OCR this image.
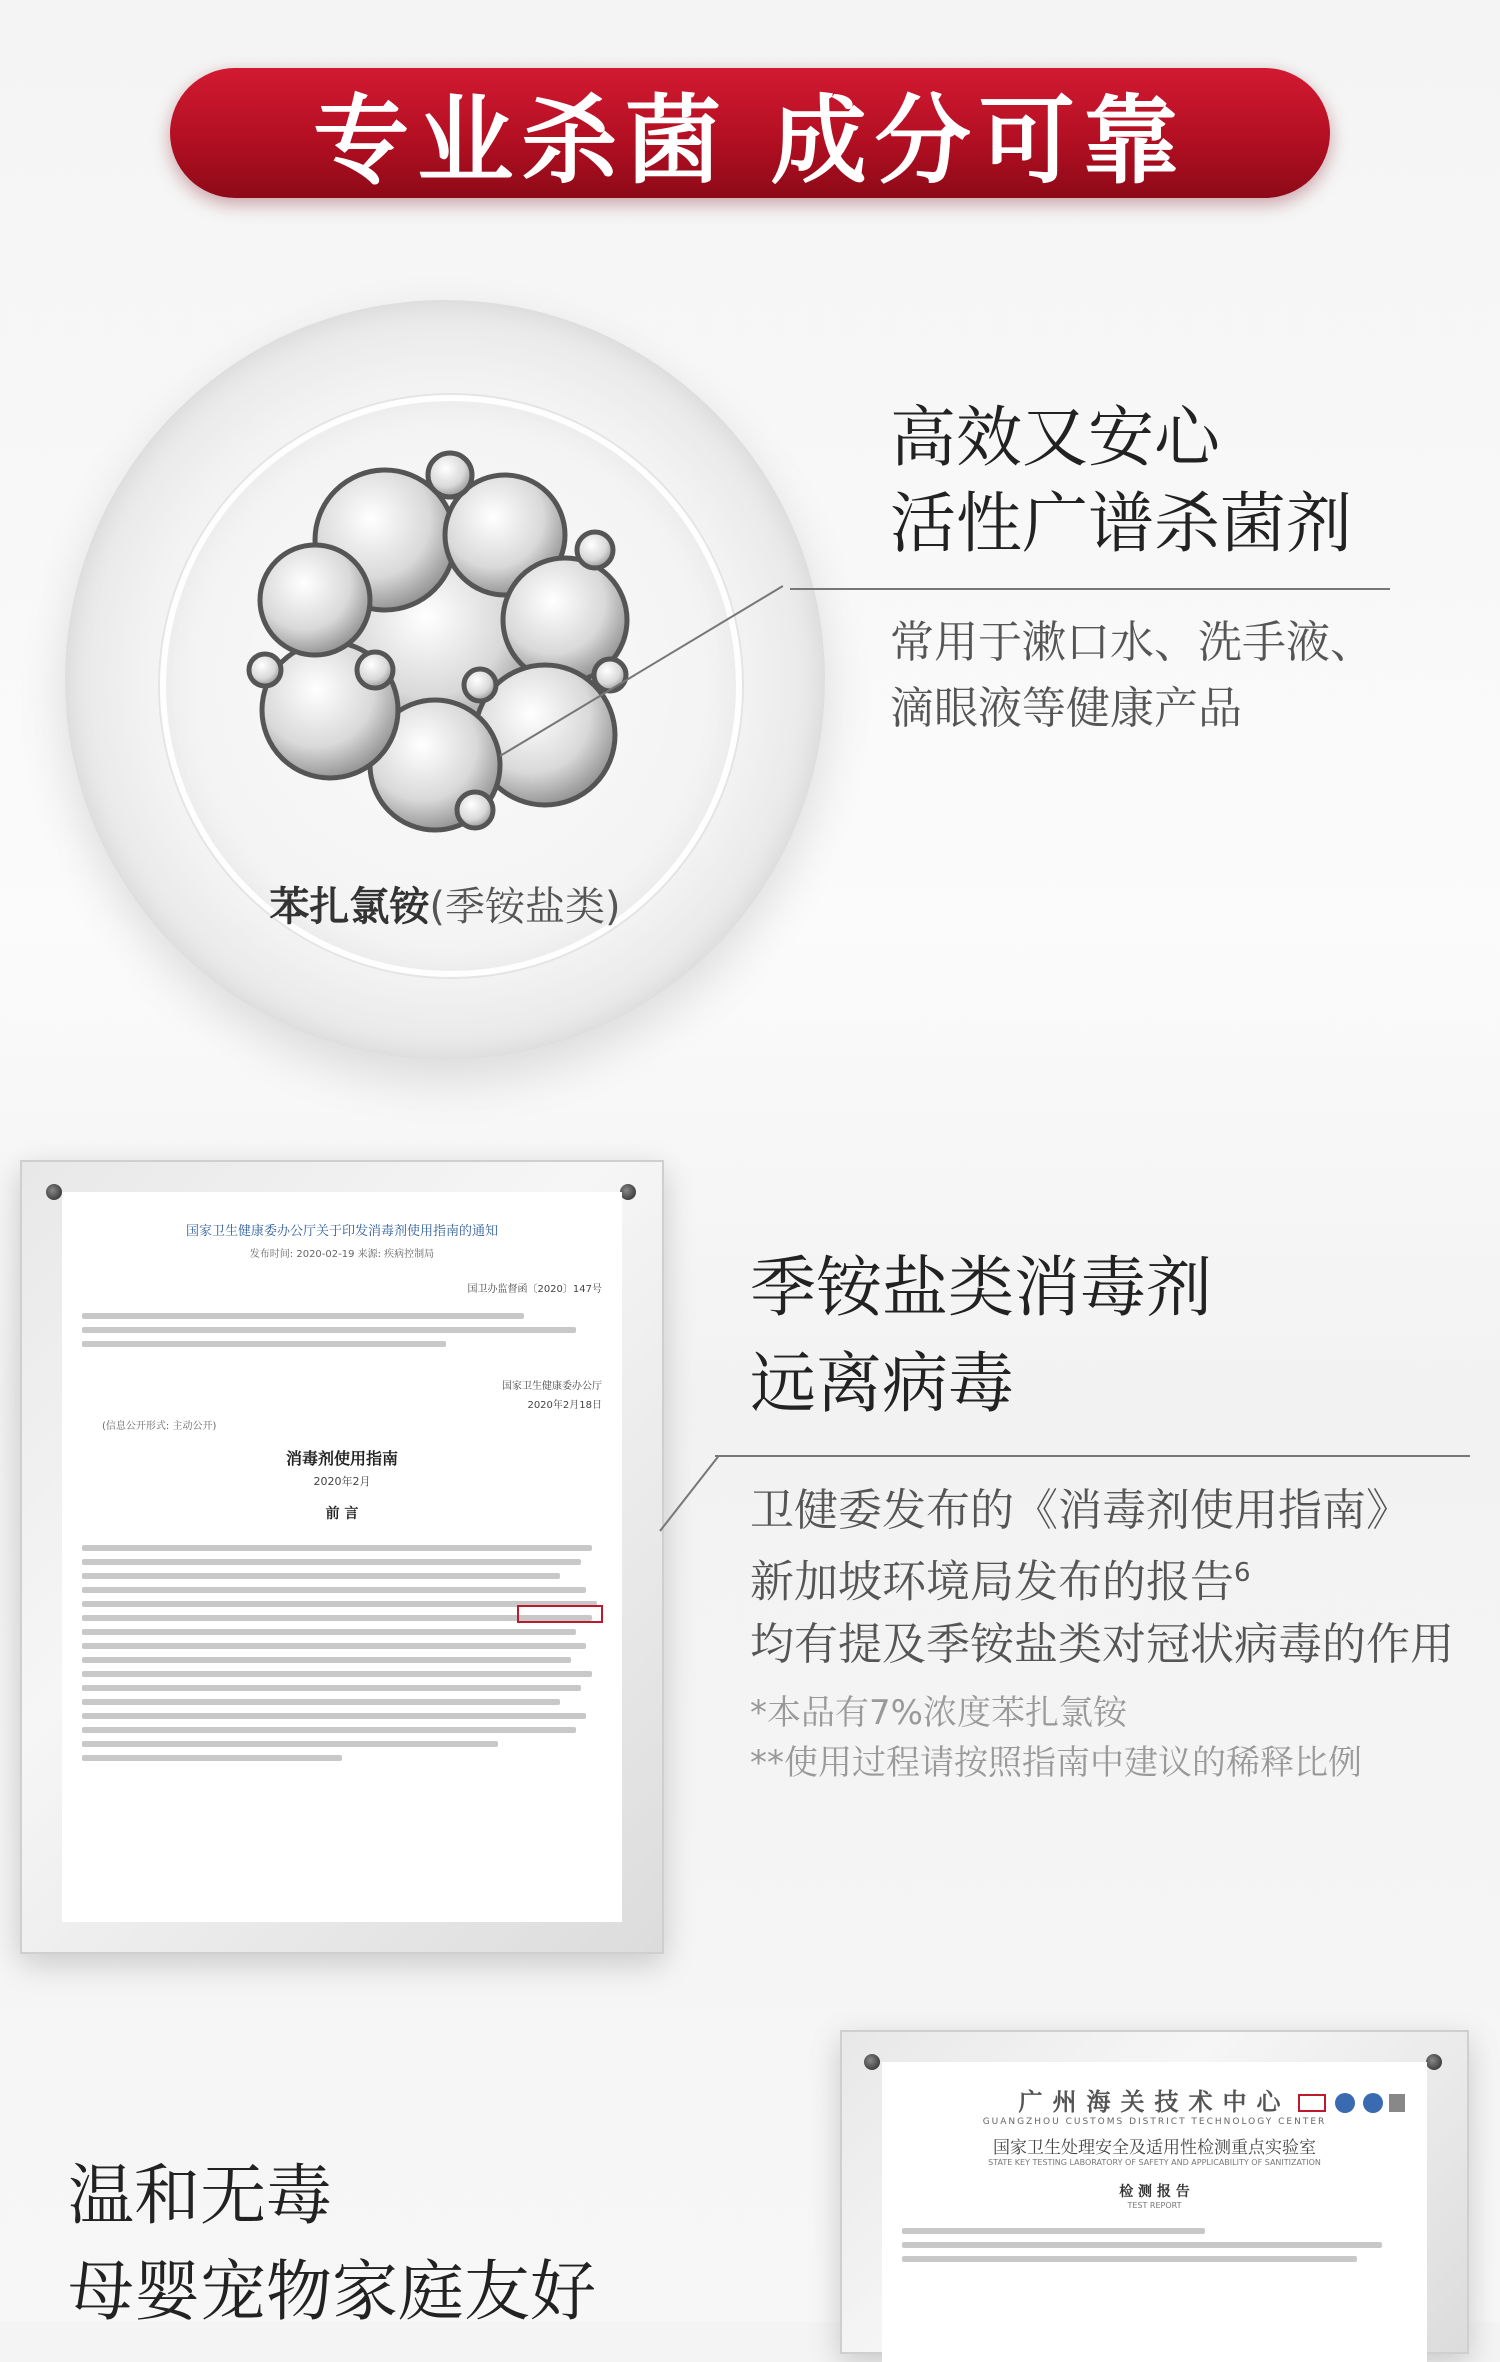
专业杀菌 成分可靠
苯扎氯铵(季铵盐类)
高效又安心
活性广谱杀菌剂
常用于漱口水、洗手液、
滴眼液等健康产品
国家卫生健康委办公厅关于印发消毒剂使用指南的通知
发布时间: 2020-02-19 来源: 疾病控制局
国卫办监督函〔2020〕147号
国家卫生健康委办公厅
2020年2月18日
(信息公开形式: 主动公开)
消毒剂使用指南
2020年2月
前 言
季铵盐类消毒剂
远离病毒
卫健委发布的《消毒剂使用指南》
新加坡环境局发布的报告$^6$
均有提及季铵盐类对冠状病毒的作用
*本品有7%浓度苯扎氯铵
**使用过程请按照指南中建议的稀释比例
温和无毒
母婴宠物家庭友好
广州海关技术中心
GUANGZHOU CUSTOMS DISTRICT TECHNOLOGY CENTER
国家卫生处理安全及适用性检测重点实验室
STATE KEY TESTING LABORATORY OF SAFETY AND APPLICABILITY OF SANITIZATION
检 测 报 告
TEST REPORT
